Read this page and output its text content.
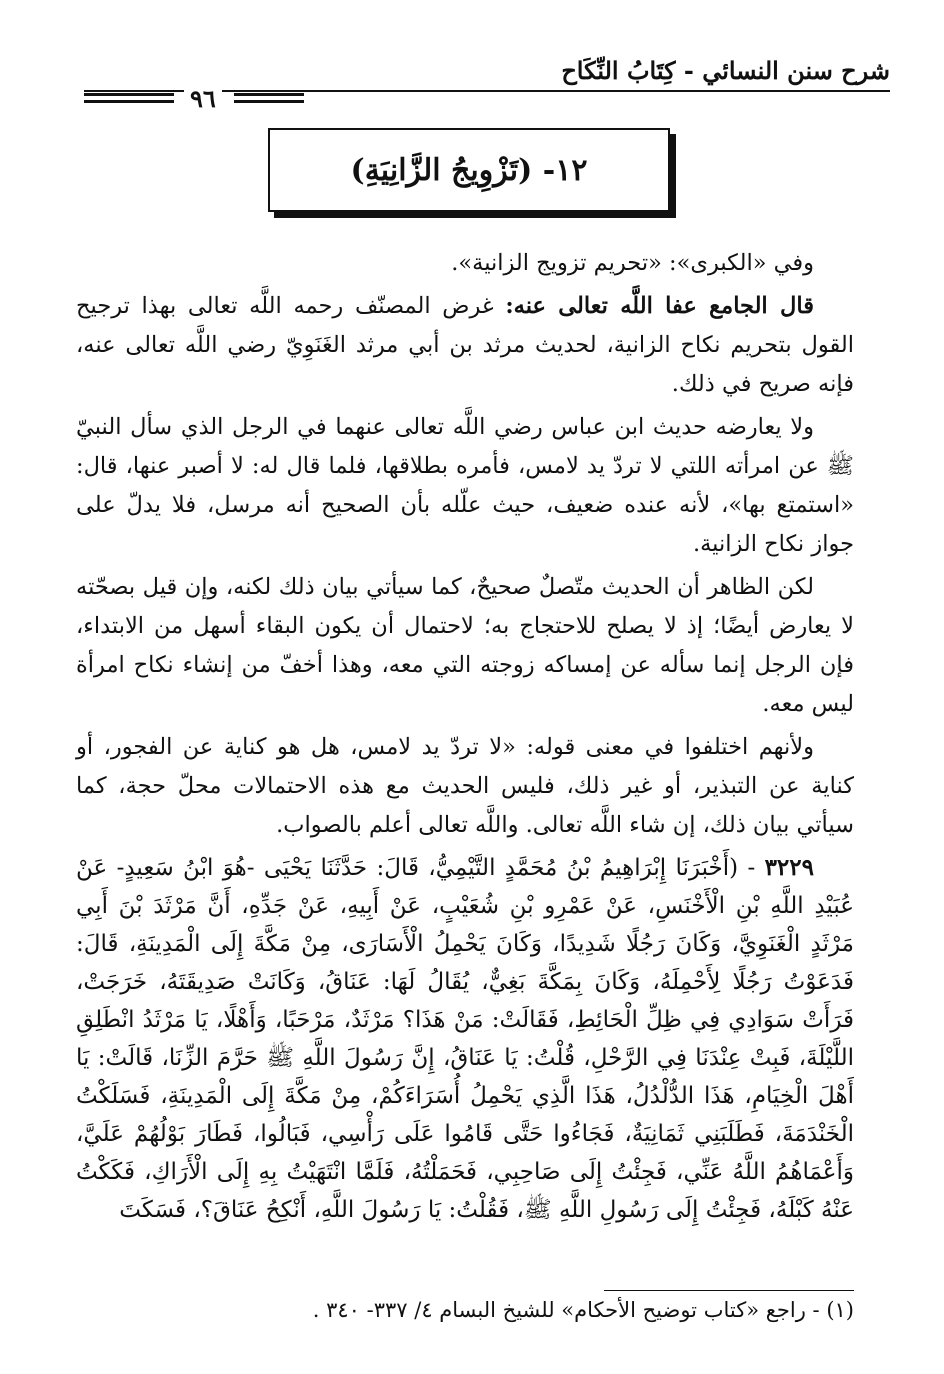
شرح سنن النسائي - كِتَابُ النِّكَاح
٩٦
١٢- (تَزْوِيجُ الزَّانِيَةِ)

وفي «الكبرى»: «تحريم تزويج الزانية».

قال الجامع عفا اللَّه تعالى عنه: غرض المصنّف رحمه اللَّه تعالى بهذا ترجيح القول بتحريم نكاح الزانية، لحديث مرثد بن أبي مرثد الغَنَوِيّ رضي اللَّه تعالى عنه، فإنه صريح في ذلك.

ولا يعارضه حديث ابن عباس رضي اللَّه تعالى عنهما في الرجل الذي سأل النبيّ ﷺ عن امرأته اللتي لا تردّ يد لامس، فأمره بطلاقها، فلما قال له: لا أصبر عنها، قال: «استمتع بها»، لأنه عنده ضعيف، حيث علّله بأن الصحيح أنه مرسل، فلا يدلّ على جواز نكاح الزانية.

لكن الظاهر أن الحديث متّصلٌ صحيحٌ، كما سيأتي بيان ذلك لكنه، وإن قيل بصحّته لا يعارض أيضًا؛ إذ لا يصلح للاحتجاج به؛ لاحتمال أن يكون البقاء أسهل من الابتداء، فإن الرجل إنما سأله عن إمساكه زوجته التي معه، وهذا أخفّ من إنشاء نكاح امرأة ليس معه.

ولأنهم اختلفوا في معنى قوله: «لا تردّ يد لامس، هل هو كناية عن الفجور، أو كناية عن التبذير، أو غير ذلك، فليس الحديث مع هذه الاحتمالات محلّ حجة، كما سيأتي بيان ذلك، إن شاء اللَّه تعالى. واللَّه تعالى أعلم بالصواب.

٣٢٢٩ - (أَخْبَرَنَا إِبْرَاهِيمُ بْنُ مُحَمَّدٍ التَّيْمِيُّ، قَالَ: حَدَّثَنَا يَحْيَى -هُوَ ابْنُ سَعِيدٍ- عَنْ عُبَيْدِ اللَّهِ بْنِ الْأَخْنَسِ، عَنْ عَمْرِو بْنِ شُعَيْبٍ، عَنْ أَبِيهِ، عَنْ جَدِّهِ، أَنَّ مَرْثَدَ بْنَ أَبِي مَرْثَدٍ الْغَنَوِيَّ، وَكَانَ رَجُلًا شَدِيدًا، وَكَانَ يَحْمِلُ الْأَسَارَى، مِنْ مَكَّةَ إِلَى الْمَدِينَةِ، قَالَ: فَدَعَوْتُ رَجُلًا لِأَحْمِلَهُ، وَكَانَ بِمَكَّةَ بَغِيٌّ، يُقَالُ لَهَا: عَنَاقُ، وَكَانَتْ صَدِيقَتَهُ، خَرَجَتْ، فَرَأَتْ سَوَادِي فِي ظِلِّ الْحَائِطِ، فَقَالَتْ: مَنْ هَذَا؟ مَرْثَدٌ، مَرْحَبًا، وَأَهْلًا، يَا مَرْثَدُ انْطَلِقِ اللَّيْلَةَ، فَبِتْ عِنْدَنَا فِي الرَّحْلِ، قُلْتُ: يَا عَنَاقُ، إِنَّ رَسُولَ اللَّهِ ﷺ حَرَّمَ الزِّنَا، قَالَتْ: يَا أَهْلَ الْخِيَامِ، هَذَا الدُّلْدُلُ، هَذَا الَّذِي يَحْمِلُ أُسَرَاءَكُمْ، مِنْ مَكَّةَ إِلَى الْمَدِينَةِ، فَسَلَكْتُ الْخَنْدَمَةَ، فَطَلَبَنِي ثَمَانِيَةٌ، فَجَاءُوا حَتَّى قَامُوا عَلَى رَأْسِي، فَبَالُوا، فَطَارَ بَوْلُهُمْ عَلَيَّ، وَأَعْمَاهُمُ اللَّهُ عَنِّي، فَجِئْتُ إِلَى صَاحِبِي، فَحَمَلْتُهُ، فَلَمَّا انْتَهَيْتُ بِهِ إِلَى الْأَرَاكِ، فَكَكْتُ عَنْهُ كَبْلَهُ، فَجِئْتُ إِلَى رَسُولِ اللَّهِ ﷺ، فَقُلْتُ: يَا رَسُولَ اللَّهِ، أَنْكِحُ عَنَاقَ؟، فَسَكَتَ

(١) - راجع «كتاب توضيح الأحكام» للشيخ البسام ٤/ ٣٣٧- ٣٤٠ .
